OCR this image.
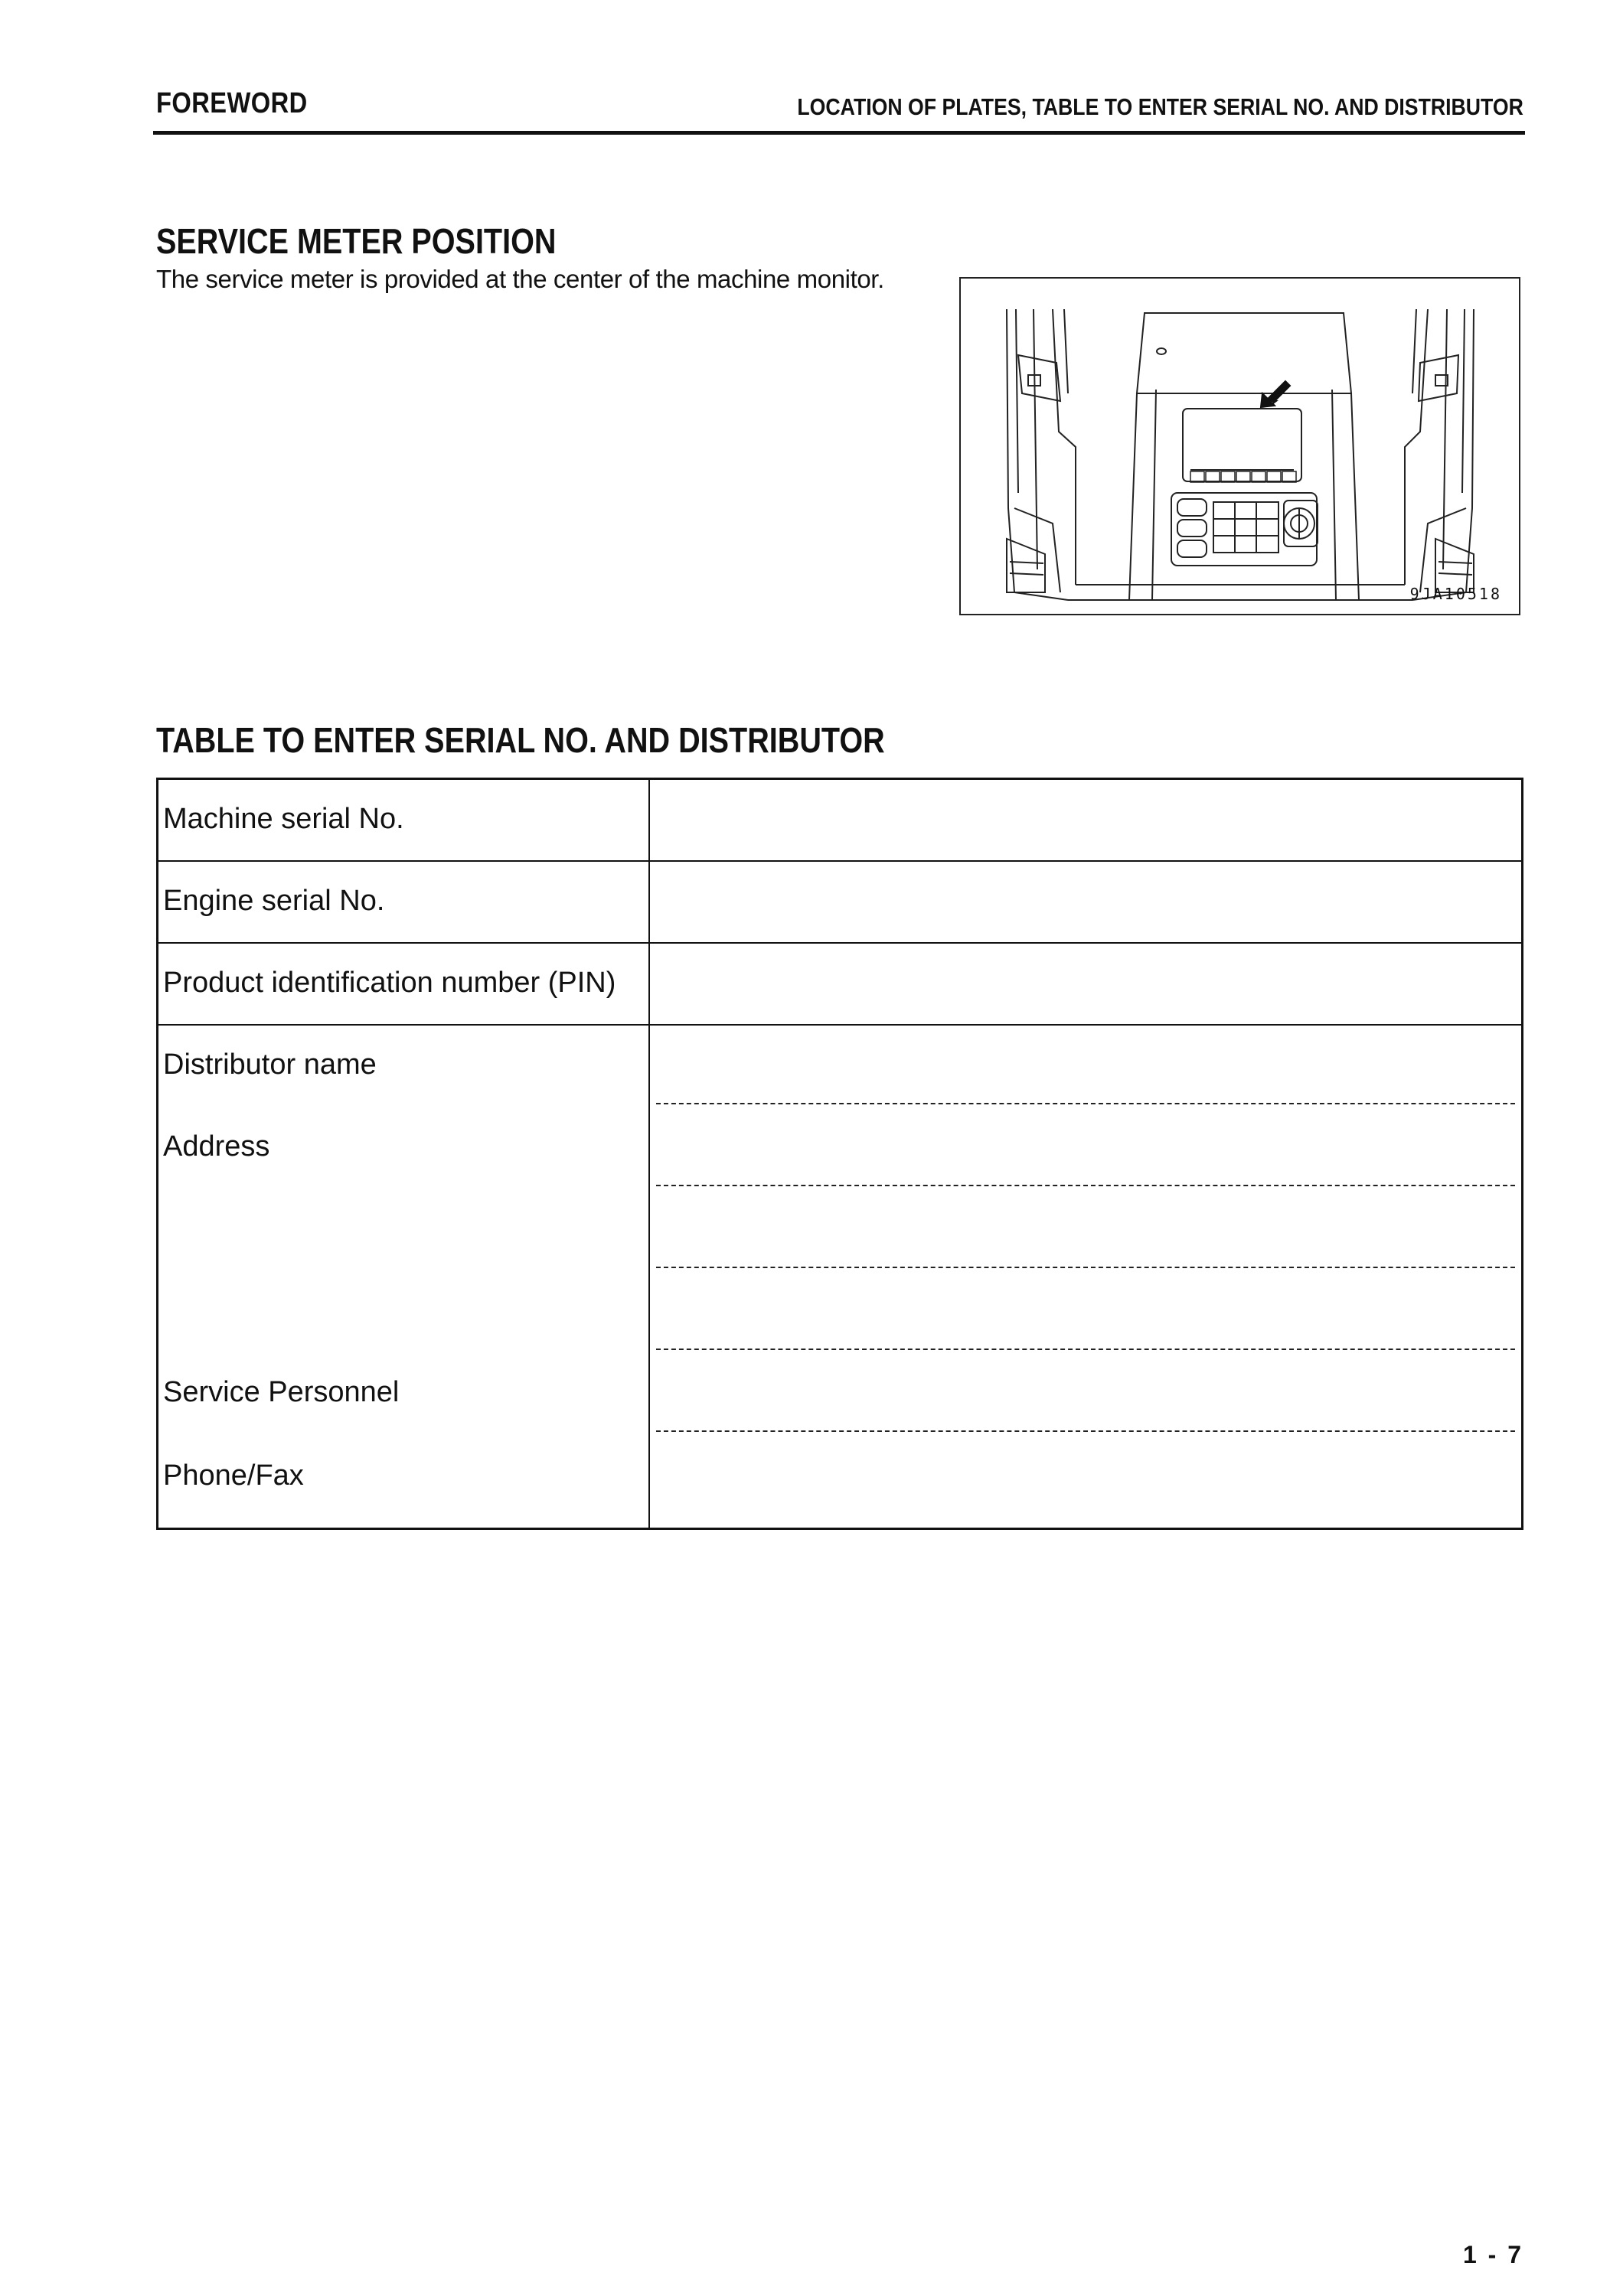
FOREWORD	LOCATION OF PLATES, TABLE TO ENTER SERIAL NO. AND DISTRIBUTOR
SERVICE METER POSITION
The service meter is provided at the center of the machine monitor.
9JA10518
TABLE TO ENTER SERIAL NO. AND DISTRIBUTOR
Machine serial No.
Engine serial No.
Product identification number (PIN)
Distributor name
Address
Service Personnel
Phone/Fax
1 - 7
